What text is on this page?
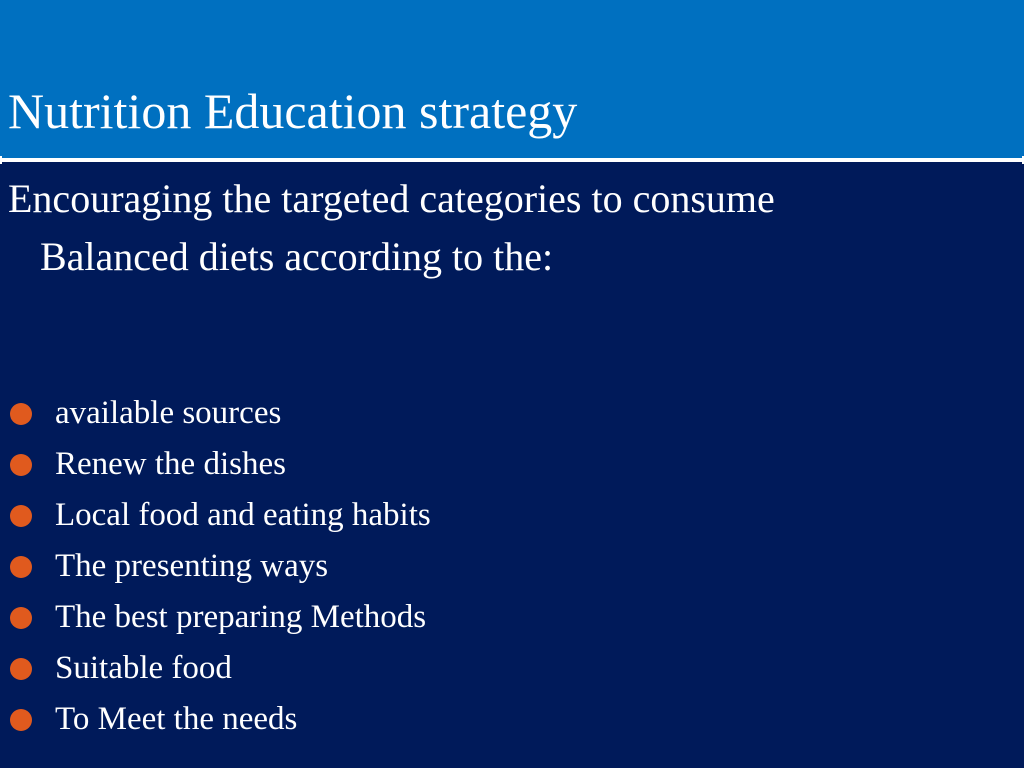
Nutrition Education strategy

Encouraging the targeted categories to consume Balanced diets according to the:

available sources
Renew the dishes
Local food and eating habits
The presenting ways
The best preparing Methods
Suitable food
To Meet the needs
